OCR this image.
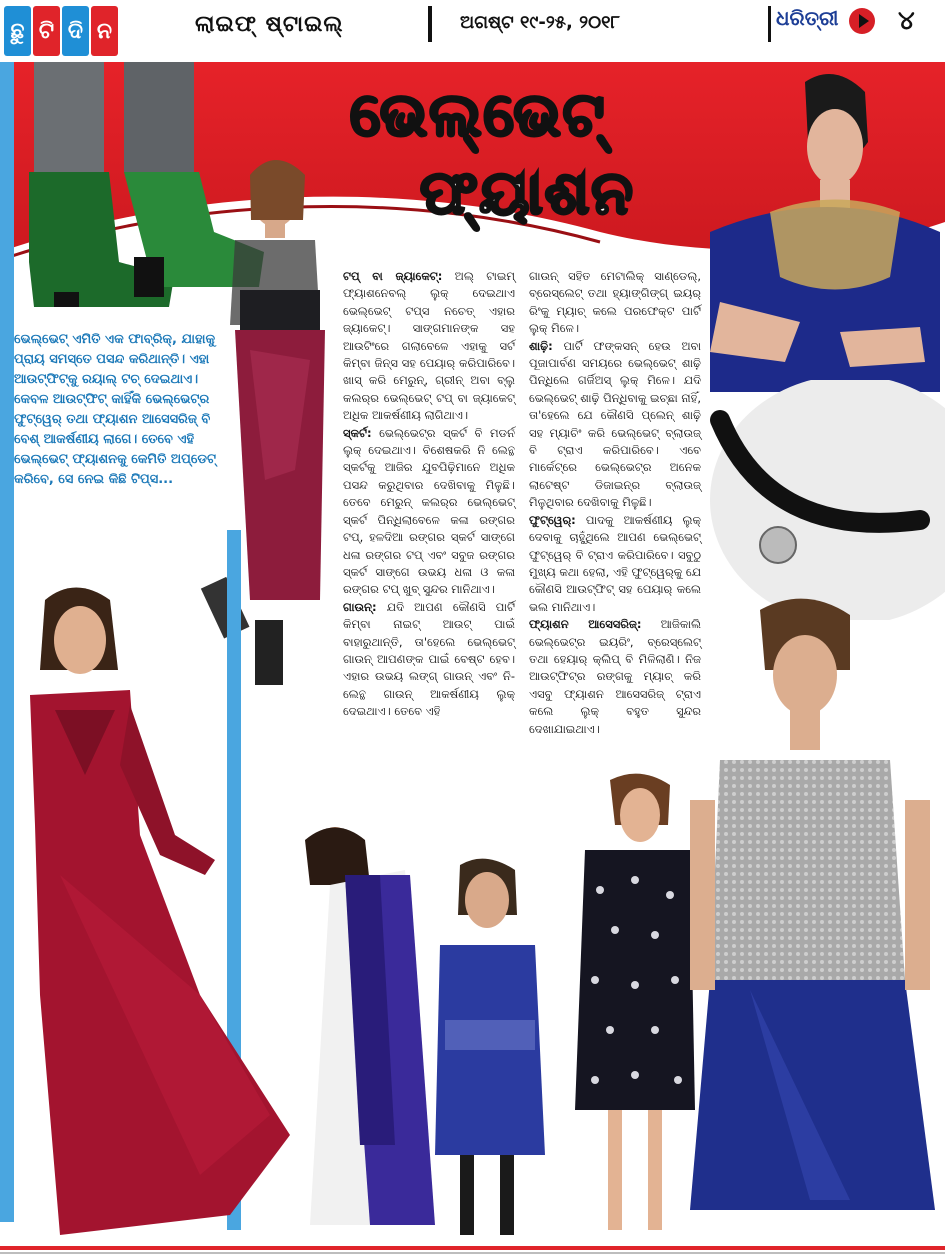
ଛୁ ଟି ଦି ନ	ଲାଇଫ୍ ଷ୍ଟାଇଲ୍	ଅଗଷ୍ଟ ୧୯-୨୫, ୨୦୧୮	ଧରିତ୍ରୀ ୪
ଭେଲ୍‌ଭେଟ୍
ଫ୍ୟାଶନ
ଭେଲ୍‌ଭେଟ୍ ଏମିତି ଏକ ଫାବ୍ରିକ୍, ଯାହାକୁ ପ୍ରାୟ ସମସ୍ତେ ପସନ୍ଦ କରିଥାନ୍ତି। ଏହା ଆଉଟ୍‌ଫିଟ୍‌କୁ ରୟାଲ୍ ଟଚ୍ ଦେଇଥାଏ। କେବଳ ଆଉଟ୍‌ଫିଟ୍ କାହିଁକି ଭେଲ୍‌ଭେଟ୍‌ର ଫୁଟ୍‌ୱେର୍ ତଥା ଫ୍ୟାଶନ ଆସେସରିଜ୍ ବି ବେଶ୍ ଆକର୍ଷଣୀୟ ଲାଗେ। ତେବେ ଏହି ଭେଲ୍‌ଭେଟ୍ ଫ୍ୟାଶନକୁ କେମିତି ଅପ୍‌ଡେଟ୍ କରିବେ, ସେ ନେଇ କିଛି ଟିପ୍ସ...
ଟପ୍ ବା ଜ୍ୟାକେଟ୍: ଅଲ୍ ଟାଇମ୍ ଫ୍ୟାଶନେବଲ୍ ଲୁକ୍ ଦେଇଥାଏ ଭେଲ୍‌ଭେଟ୍ ଟପ୍ସ ନଚେତ୍ ଏହାର ଜ୍ୟାକେଟ୍। ସାଙ୍ଗମାନଙ୍କ ସହ ଆଉଟିଂରେ ଗଲାବେଳେ ଏହାକୁ ସର୍ଟ କିମ୍ବା ଜିନ୍ସ ସହ ପେୟାର୍ କରିପାରିବେ। ଖାସ୍ କରି ମେରୁନ୍, ଗ୍ରୀନ୍ ଅବା ବ୍ଲୁ କଲର୍‌ର ଭେଲ୍‌ଭେଟ୍ ଟପ୍ ବା ଜ୍ୟାକେଟ୍ ଅଧିକ ଆକର୍ଷଣୀୟ ଲାଗିଥାଏ।
ସ୍କର୍ଟ: ଭେଲ୍‌ଭେଟ୍‌ର ସ୍କର୍ଟ ବି ମଡର୍ନ ଲୁକ୍ ଦେଇଥାଏ। ବିଶେଷକରି ନି ଲେନ୍ଥ ସ୍କର୍ଟକୁ ଆଜିର ଯୁବପିଢ଼ିମାନେ ଅଧିକ ପସନ୍ଦ କରୁଥିବାର ଦେଖିବାକୁ ମିଳୁଛି। ତେବେ ମେରୁନ୍ କଲର୍‌ର ଭେଲ୍‌ଭେଟ୍ ସ୍କର୍ଟ ପିନ୍ଧିଲାବେଳେ କଳା ରଙ୍ଗର ଟପ୍, ହଳଦିଆ ରଙ୍ଗର ସ୍କର୍ଟ ସାଙ୍ଗେ ଧଳା ରଙ୍ଗର ଟପ୍ ଏବଂ ସବୁଜ ରଙ୍ଗର ସ୍କର୍ଟ ସାଙ୍ଗେ ଉଭୟ ଧଳା ଓ କଳା ରଙ୍ଗର ଟପ୍ ଖୁବ୍ ସୁନ୍ଦର ମାନିଥାଏ।
ଗାଉନ୍: ଯଦି ଆପଣ କୌଣସି ପାର୍ଟି କିମ୍ବା ନାଇଟ୍ ଆଉଟ୍ ପାଇଁ ବାହାରୁଥାନ୍ତି, ତା'ହେଲେ ଭେଲ୍‌ଭେଟ୍ ଗାଉନ୍ ଆପଣଙ୍କ ପାଇଁ ବେଷ୍ଟ ହେବ। ଏହାର ଉଭୟ ଲଙ୍ଗ୍ ଗାଉନ୍ ଏବଂ ନି-ଲେନ୍ଥ ଗାଉନ୍ ଆକର୍ଷଣୀୟ ଲୁକ୍ ଦେଇଥାଏ। ତେବେ ଏହି
ଗାଉନ୍ ସହିତ ମେଟାଲିକ୍ ସାଣ୍ଡେଲ୍, ବ୍ରେସ୍‌ଲେଟ୍ ତଥା ହ୍ୟାଙ୍ଗିଙ୍ଗ୍ ଇୟର୍ ରିଂକୁ ମ୍ୟାଚ୍ କଲେ ପରଫେକ୍ଟ ପାର୍ଟି ଲୁକ୍ ମିଳେ।
ଶାଢ଼ି: ପାର୍ଟି ଫଙ୍କସନ୍ ହେଉ ଅବା ପୂଜାପାର୍ବଣ ସମୟରେ ଭେଲ୍‌ଭେଟ୍ ଶାଢ଼ି ପିନ୍ଧିଲେ ଗର୍ଜିଅସ୍ ଲୁକ୍ ମିଳେ। ଯଦି ଭେଲ୍‌ଭେଟ୍ ଶାଢ଼ି ପିନ୍ଧିବାକୁ ଇଚ୍ଛା ନାହିଁ, ତା'ହେଲେ ଯେ କୌଣସି ପ୍ଲେନ୍ ଶାଢ଼ି ସହ ମ୍ୟାଚିଂ କରି ଭେଲ୍‌ଭେଟ୍ ବ୍ଲାଉଜ୍ ବି ଟ୍ରାଏ କରିପାରିବେ। ଏବେ ମାର୍କେଟ୍‌ରେ ଭେଲ୍‌ଭେଟ୍‌ର ଅନେକ ଲାଟେଷ୍ଟ ଡିଜାଇନ୍‌ର ବ୍ଲାଉଜ୍ ମିଳୁଥିବାର ଦେଖିବାକୁ ମିଳୁଛି।
ଫୁଟ୍‌ୱେର୍: ପାଦକୁ ଆକର୍ଷଣୀୟ ଲୁକ୍ ଦେବାକୁ ଚାହୁଁଥିଲେ ଆପଣ ଭେଲ୍‌ଭେଟ୍ ଫୁଟ୍‌ୱେର୍ ବି ଟ୍ରାଏ କରିପାରିବେ। ସବୁଠୁ ମୁଖ୍ୟ କଥା ହେଲା, ଏହି ଫୁଟ୍‌ୱେର୍‌କୁ ଯେ କୌଣସି ଆଉଟ୍‌ଫିଟ୍ ସହ ପେୟାର୍ କଲେ ଭଲ ମାନିଥାଏ।
ଫ୍ୟାଶନ ଆସେସରିଜ୍: ଆଜିକାଲି ଭେଲ୍‌ଭେଟ୍‌ର ଇୟରିଂ, ବ୍ରେସ୍‌ଲେଟ୍ ତଥା ହେୟାର୍ କ୍ଲିପ୍ ବି ମିଳିଲାଣି। ନିଜ ଆଉଟ୍‌ଫିଟ୍‌ର ରଙ୍ଗକୁ ମ୍ୟାଚ୍ କରି ଏସବୁ ଫ୍ୟାଶନ ଆସେସରିଜ୍ ଟ୍ରାଏ କଲେ ଲୁକ୍ ବହୁତ ସୁନ୍ଦର ଦେଖାଯାଇଥାଏ।
